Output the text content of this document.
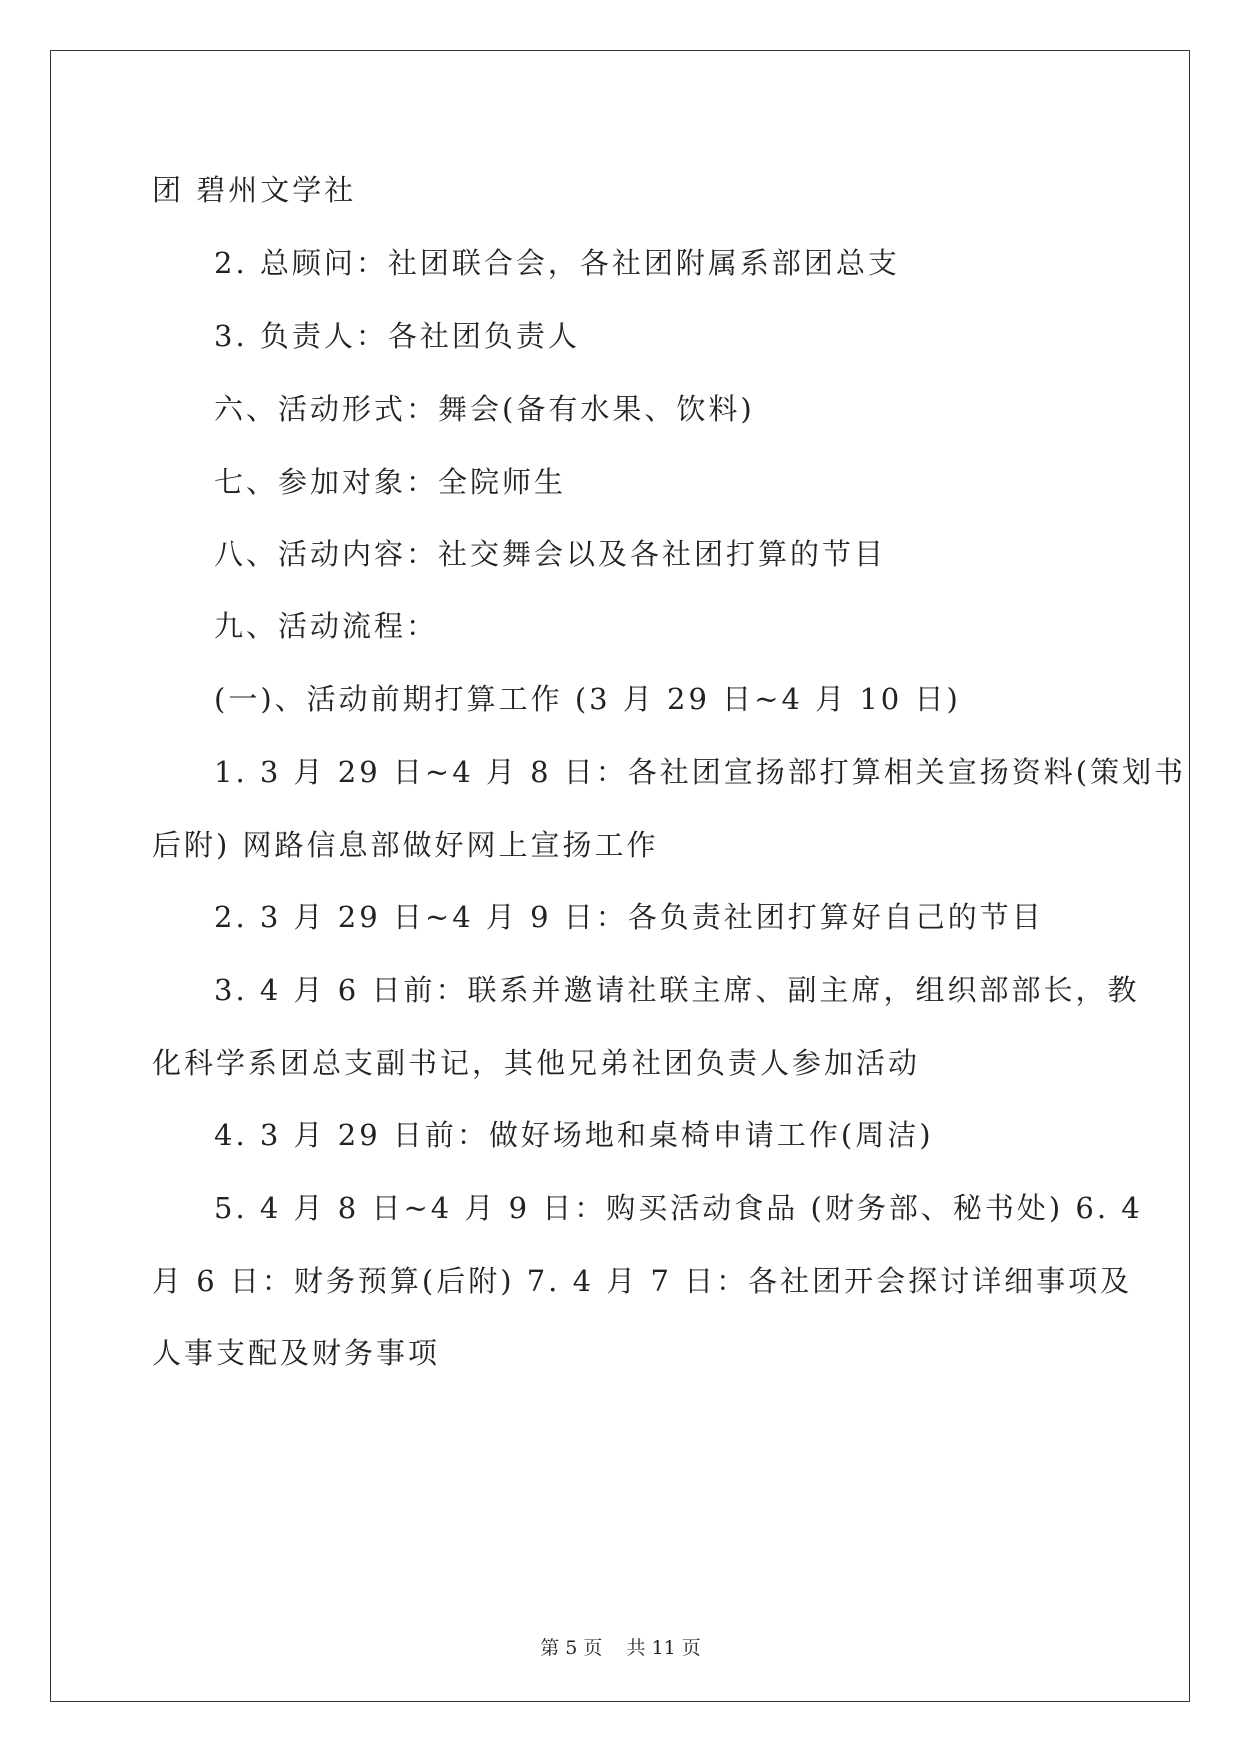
团 碧州文学社
2. 总顾问：社团联合会，各社团附属系部团总支
3. 负责人：各社团负责人
六、活动形式：舞会(备有水果、饮料)
七、参加对象：全院师生
八、活动内容：社交舞会以及各社团打算的节目
九、活动流程：
(一)、活动前期打算工作 (3 月 29 日~4 月 10 日)
1. 3 月 29 日~4 月 8 日：各社团宣扬部打算相关宣扬资料(策划书
后附) 网路信息部做好网上宣扬工作
2. 3 月 29 日~4 月 9 日：各负责社团打算好自己的节目
3. 4 月 6 日前：联系并邀请社联主席、副主席，组织部部长，教
化科学系团总支副书记，其他兄弟社团负责人参加活动
4. 3 月 29 日前：做好场地和桌椅申请工作(周洁)
5. 4 月 8 日~4 月 9 日：购买活动食品 (财务部、秘书处) 6. 4
月 6 日：财务预算(后附) 7. 4 月 7 日：各社团开会探讨详细事项及
人事支配及财务事项
第 5 页    共 11 页
